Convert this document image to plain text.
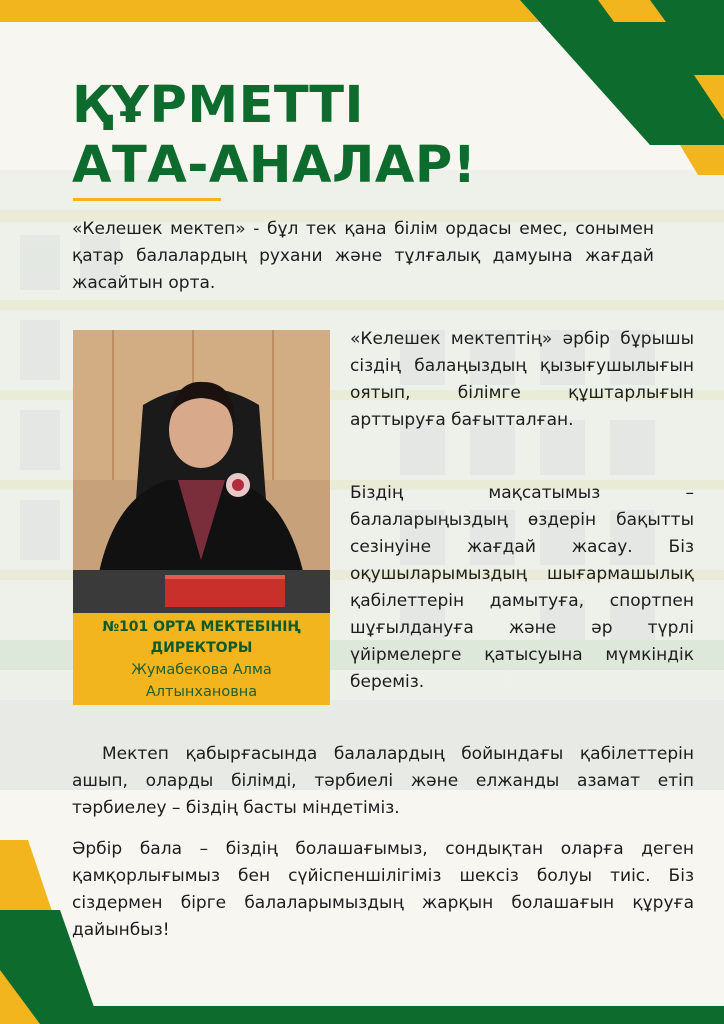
ҚҰРМЕТТІ
АТА-АНАЛАР!

«Келешек мектеп» - бұл тек қана білім ордасы емес, сонымен қатар балалардың рухани және тұлғалық дамуына жағдай жасайтын орта.

№101 ОРТА МЕКТЕБІНІҢ
ДИРЕКТОРЫ
Жумабекова Алма
Алтынхановна

«Келешек мектептің» әрбір бұрышы сіздің балаңыздың қызығушылығын оятып, білімге құштарлығын арттыруға бағытталған.

Біздің мақсатымыз – балаларыңыздың өздерін бақытты сезінуіне жағдай жасау. Біз оқушыларымыздың шығармашылық қабілеттерін дамытуға, спортпен шұғылдануға және әр түрлі үйірмелерге қатысуына мүмкіндік береміз.

Мектеп қабырғасында балалардың бойындағы қабілеттерін ашып, оларды білімді, тәрбиелі және елжанды азамат етіп тәрбиелеу – біздің басты міндетіміз.

Әрбір бала – біздің болашағымыз, сондықтан оларға деген қамқорлығымыз бен сүйіспеншілігіміз шексіз болуы тиіс. Біз сіздермен бірге балаларымыздың жарқын болашағын құруға дайынбыз!
